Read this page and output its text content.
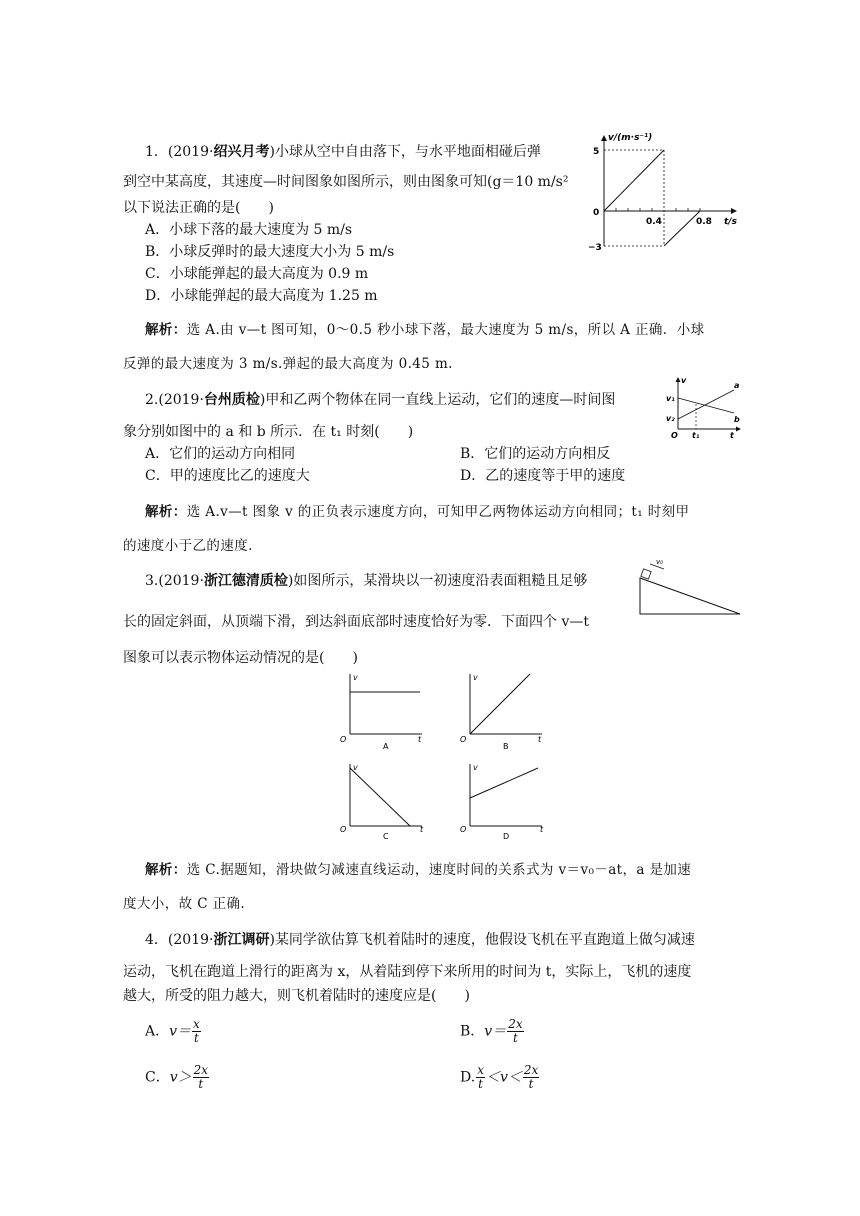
1．(2019·绍兴月考)小球从空中自由落下，与水平地面相碰后弹
到空中某高度，其速度—时间图象如图所示，则由图象可知(g＝10 m/s²
以下说法正确的是(　　)
A．小球下落的最大速度为 5 m/s
B．小球反弹时的最大速度大小为 5 m/s
C．小球能弹起的最大高度为 0.9 m
D．小球能弹起的最大高度为 1.25 m
v/(m·s⁻¹)
t/s
5
0
−3
0.4	0.8
解析：选 A.由 v—t 图可知，0～0.5 秒小球下落，最大速度为 5 m/s，所以 A 正确．小球
反弹的最大速度为 3 m/s.弹起的最大高度为 0.45 m.
2.(2019·台州质检)甲和乙两个物体在同一直线上运动，它们的速度—时间图
象分别如图中的 a 和 b 所示．在 t₁ 时刻(　　)
v
v₁
v₂
a
b
O t₁	t
A．它们的运动方向相同	B．它们的运动方向相反
C．甲的速度比乙的速度大	D．乙的速度等于甲的速度
解析：选 A.v—t 图象 v 的正负表示速度方向，可知甲乙两物体运动方向相同；t₁ 时刻甲
的速度小于乙的速度.
3.(2019·浙江德清质检)如图所示，某滑块以一初速度沿表面粗糙且足够
长的固定斜面，从顶端下滑，到达斜面底部时速度恰好为零．下面四个 v—t
图象可以表示物体运动情况的是(　　)
v₀
v
O	t
A
v
O	t
B
v
O	t
C
v
O	t
D
解析：选 C.据题知，滑块做匀减速直线运动，速度时间的关系式为 v＝v₀－at，a 是加速
度大小，故 C 正确.
4．(2019·浙江调研)某同学欲估算飞机着陆时的速度，他假设飞机在平直跑道上做匀减速
运动，飞机在跑道上滑行的距离为 x，从着陆到停下来所用的时间为 t，实际上，飞机的速度
越大，所受的阻力越大，则飞机着陆时的速度应是(　　)
A．$v= \frac{x}{t}$	B．$v= \frac{2x}{t}$
C．$v> \frac{2x}{t}$	D. $\frac{x}{t} <v< \frac{2x}{t}$
